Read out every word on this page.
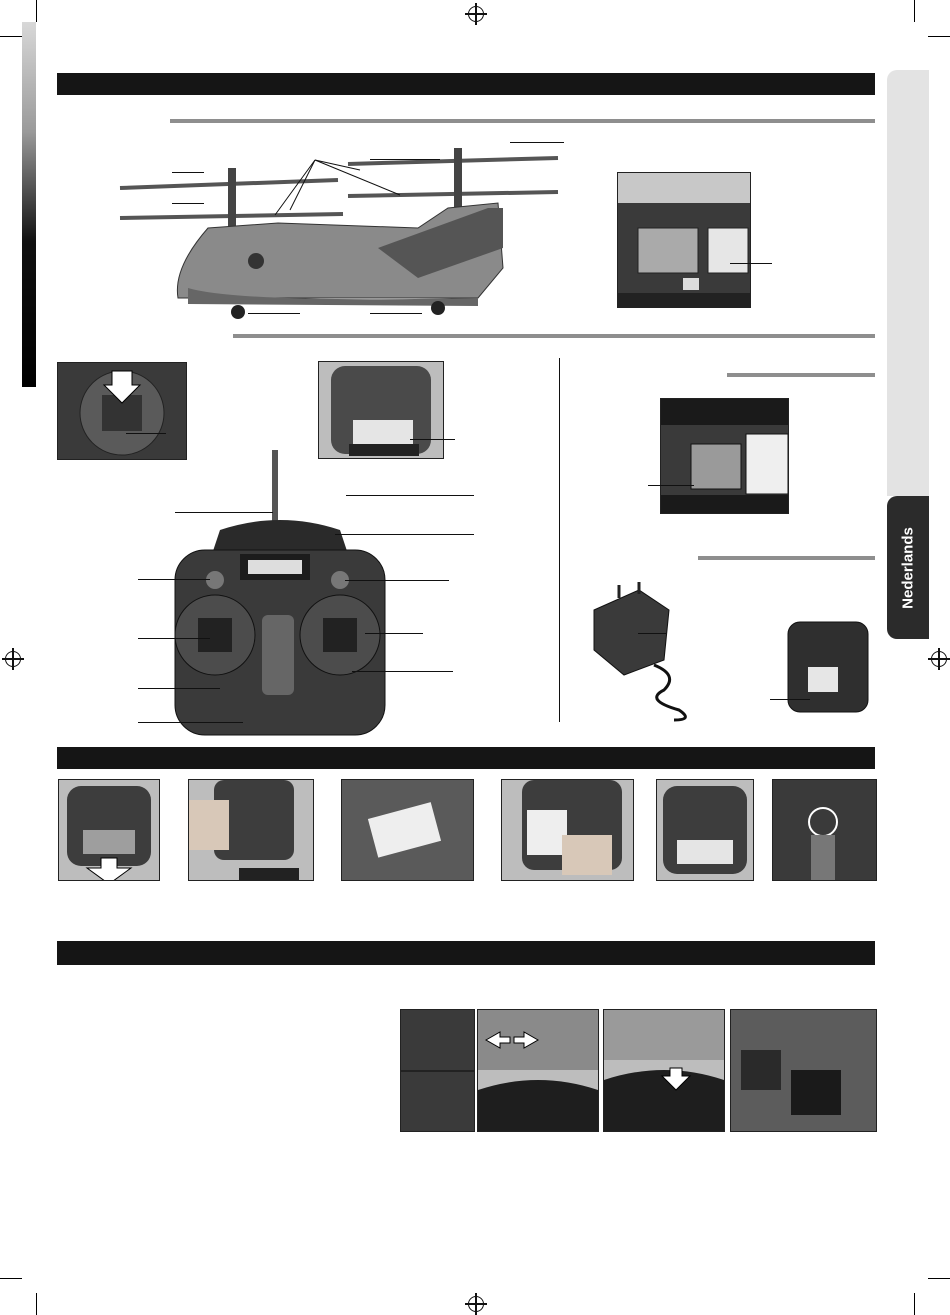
Nederlands
